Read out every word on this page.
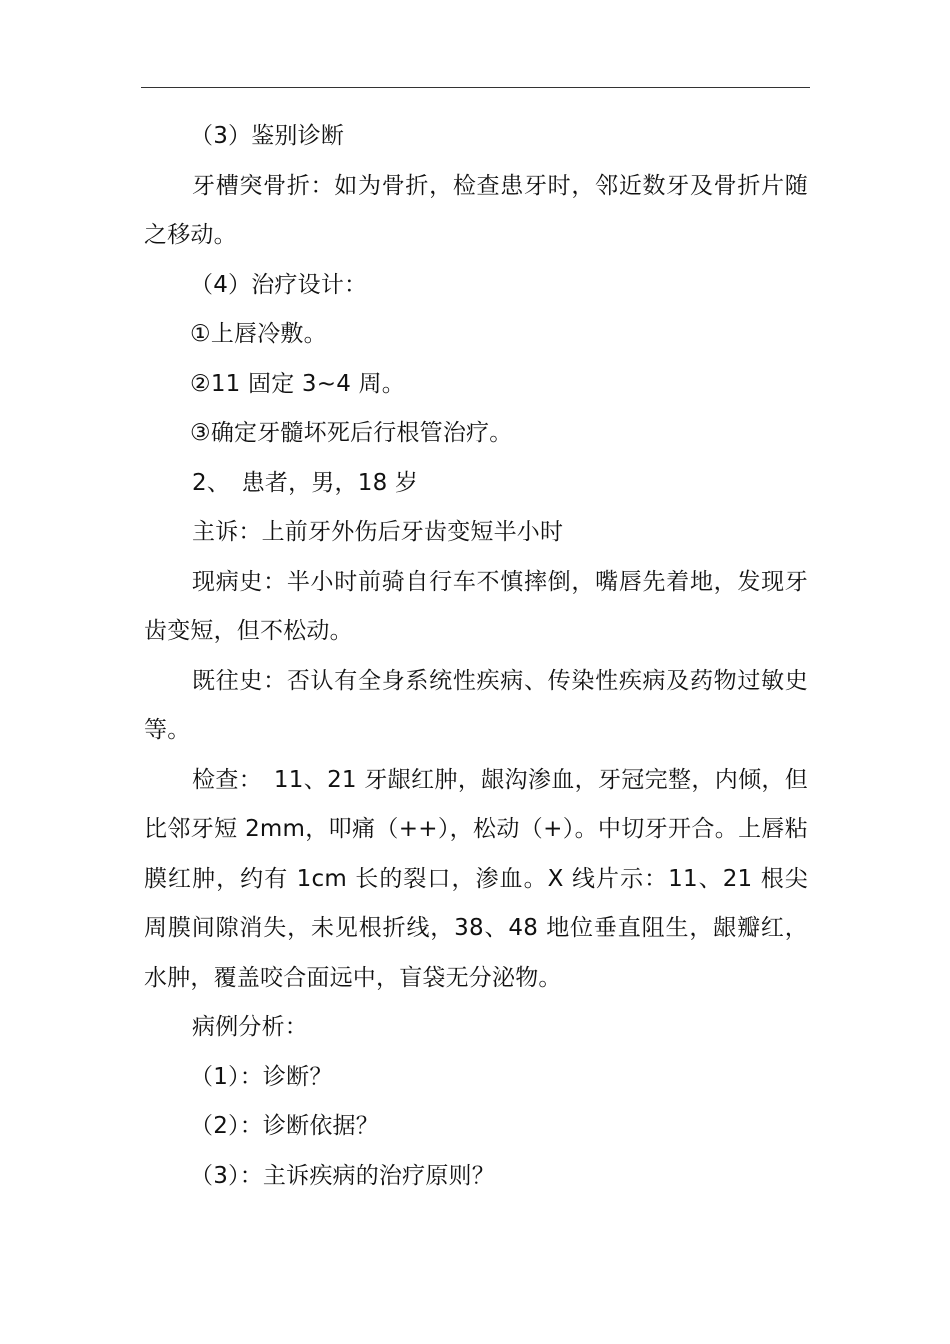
（3）鉴别诊断

牙槽突骨折：如为骨折，检查患牙时，邻近数牙及骨折片随之移动。

（4）治疗设计：

①上唇冷敷。

②11 固定 3~4 周。

③确定牙髓坏死后行根管治疗。

2、　患者，男，18 岁

主诉：上前牙外伤后牙齿变短半小时

现病史：半小时前骑自行车不慎摔倒，嘴唇先着地，发现牙齿变短，但不松动。

既往史：否认有全身系统性疾病、传染性疾病及药物过敏史等。

检查：　11、21 牙龈红肿，龈沟渗血，牙冠完整，内倾，但比邻牙短 2mm，叩痛（++），松动（+）。中切牙开合。上唇粘膜红肿，约有 1cm 长的裂口，渗血。X 线片示：11、21 根尖周膜间隙消失，未见根折线，38、48 地位垂直阻生，龈瓣红，水肿，覆盖咬合面远中，盲袋无分泌物。

病例分析：

（1）：诊断？

（2）：诊断依据？

（3）：主诉疾病的治疗原则？
